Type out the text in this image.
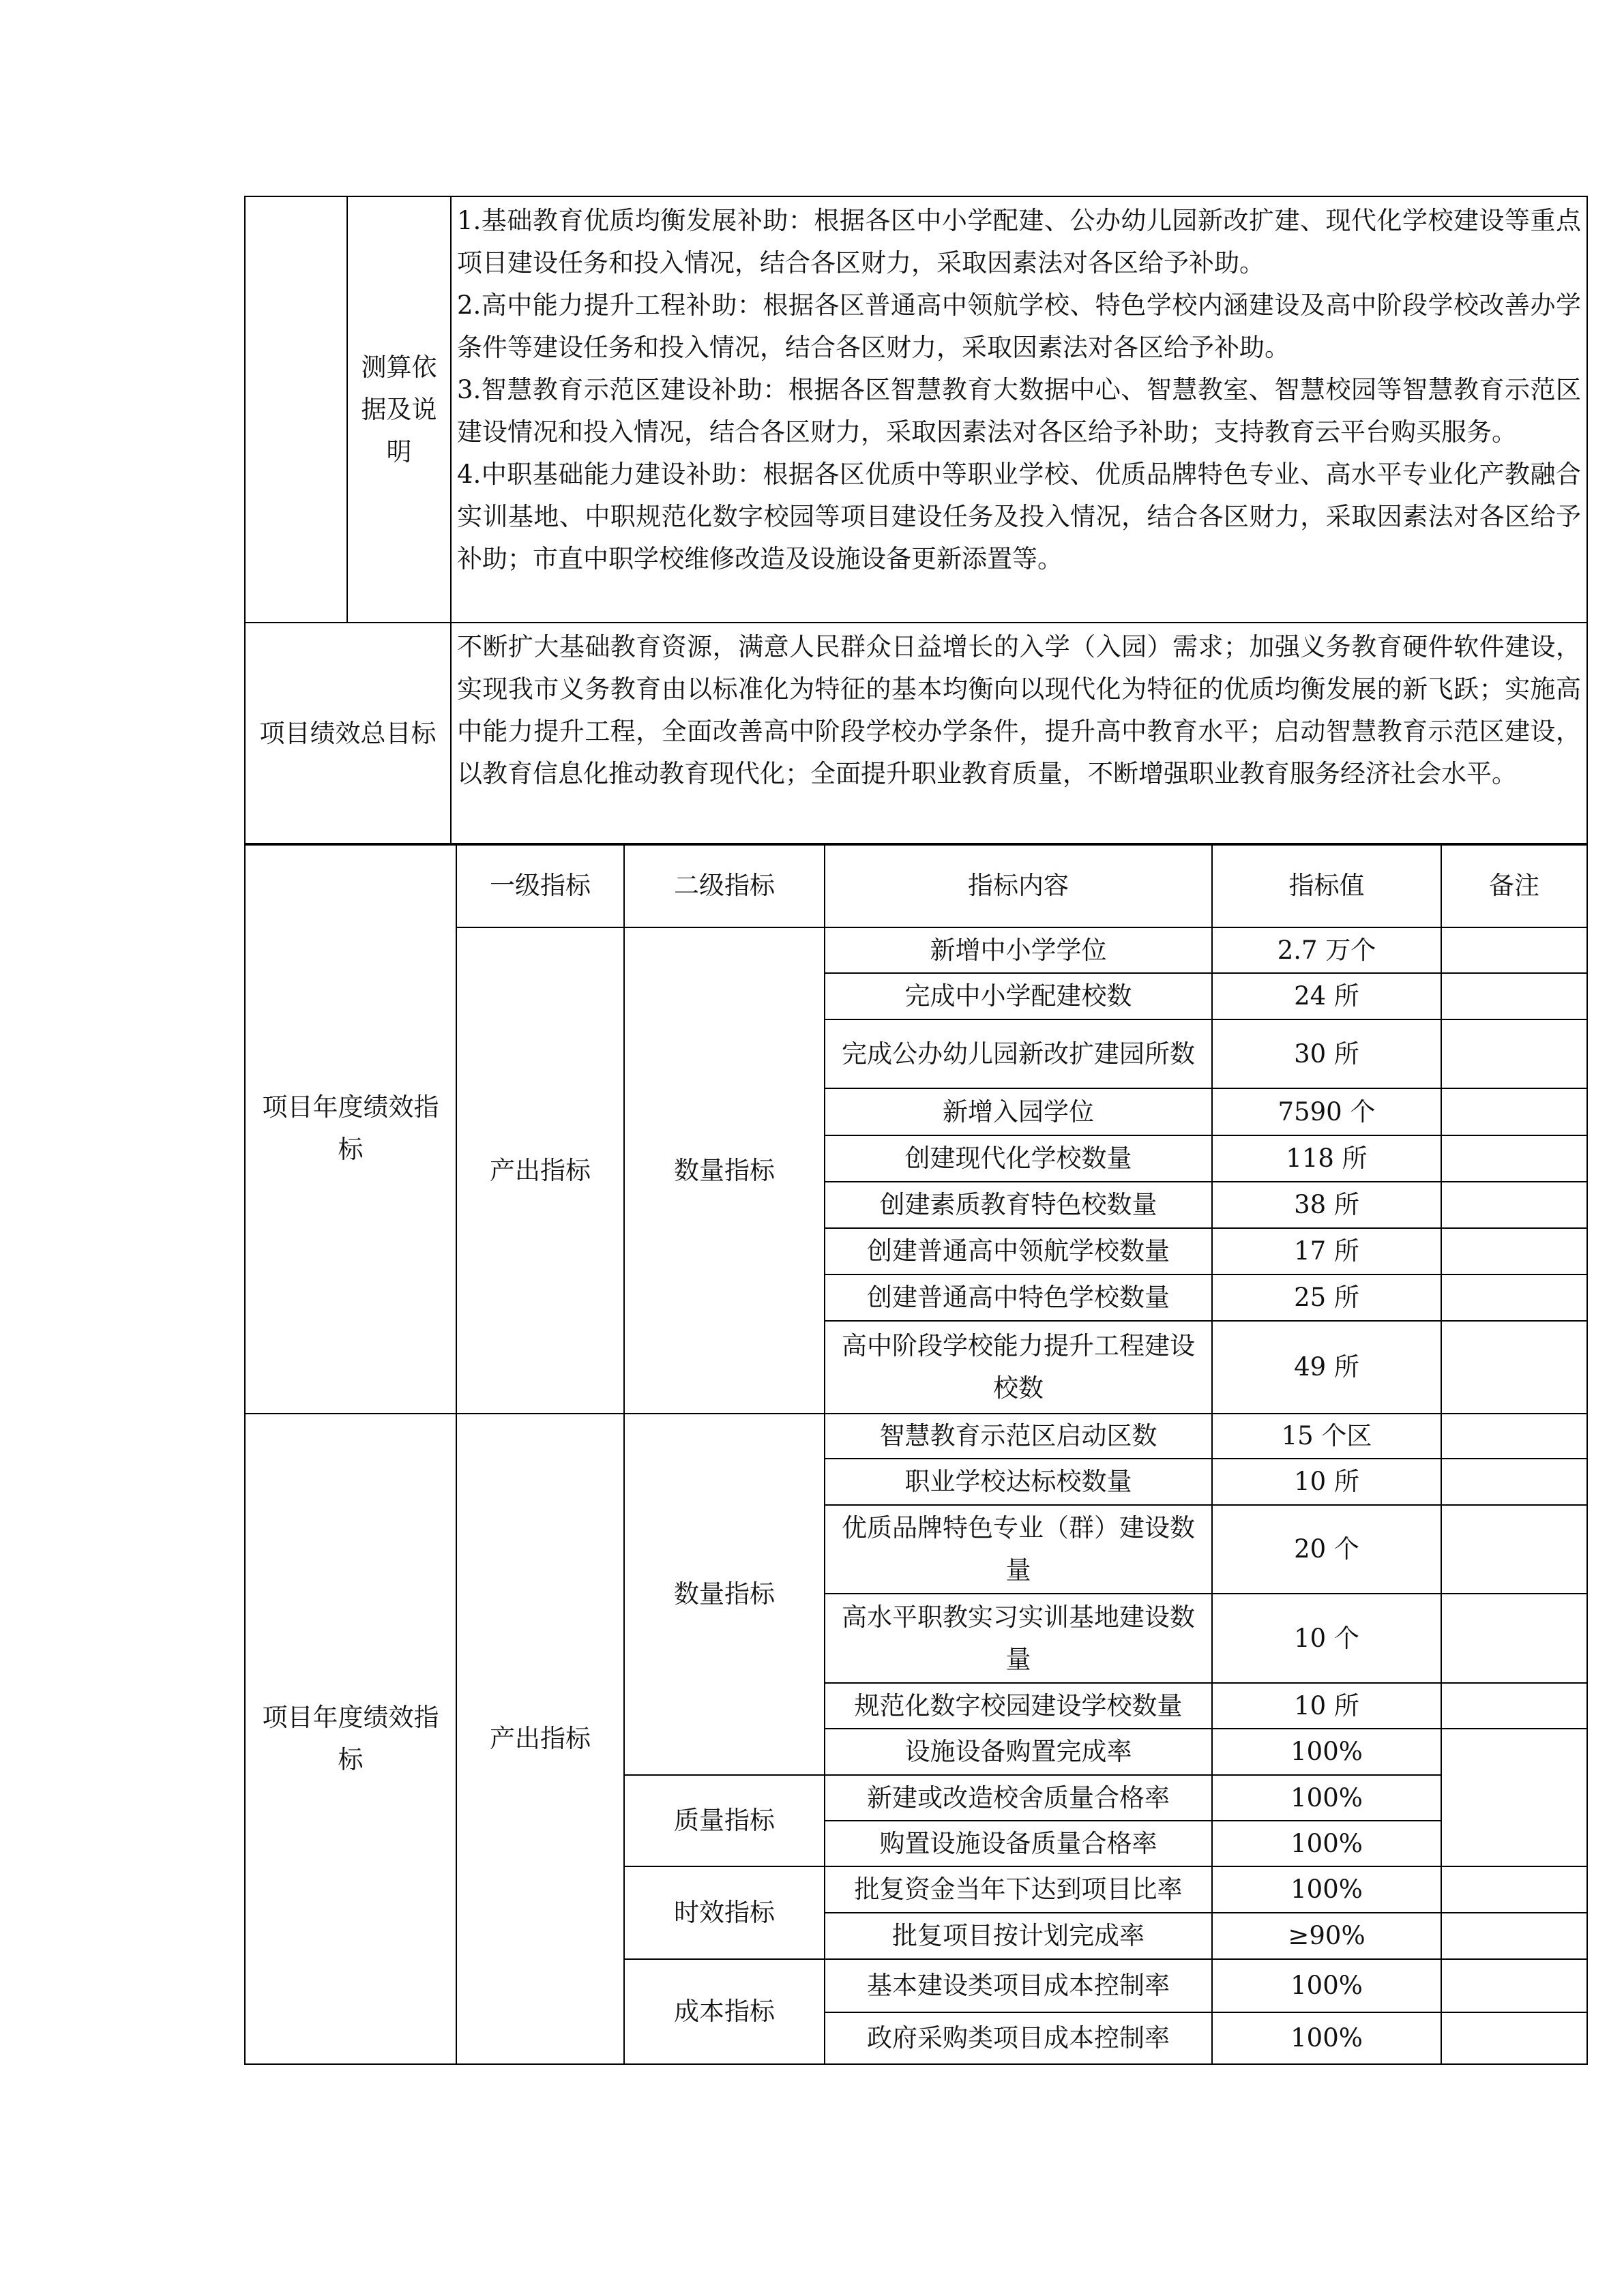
	测算依据及说明	1.基础教育优质均衡发展补助：根据各区中小学配建、公办幼儿园新改扩建、现代化学校建设等重点项目建设任务和投入情况，结合各区财力，采取因素法对各区给予补助。

2.高中能力提升工程补助：根据各区普通高中领航学校、特色学校内涵建设及高中阶段学校改善办学条件等建设任务和投入情况，结合各区财力，采取因素法对各区给予补助。

3.智慧教育示范区建设补助：根据各区智慧教育大数据中心、智慧教室、智慧校园等智慧教育示范区建设情况和投入情况，结合各区财力，采取因素法对各区给予补助；支持教育云平台购买服务。

4.中职基础能力建设补助：根据各区优质中等职业学校、优质品牌特色专业、高水平专业化产教融合实训基地、中职规范化数字校园等项目建设任务及投入情况，结合各区财力，采取因素法对各区给予补助；市直中职学校维修改造及设施设备更新添置等。

项目绩效总目标		不断扩大基础教育资源，满意人民群众日益增长的入学（入园）需求；加强义务教育硬件软件建设，实现我市义务教育由以标准化为特征的基本均衡向以现代化为特征的优质均衡发展的新飞跃；实施高中能力提升工程，全面改善高中阶段学校办学条件，提升高中教育水平；启动智慧教育示范区建设，以教育信息化推动教育现代化；全面提升职业教育质量，不断增强职业教育服务经济社会水平。

项目年度绩效指标	一级指标	二级指标	指标内容	指标值	备注
	产出指标	数量指标	新增中小学学位	2.7 万个	
			完成中小学配建校数	24 所	
			完成公办幼儿园新改扩建园所数	30 所	
			新增入园学位	7590 个	
			创建现代化学校数量	118 所	
			创建素质教育特色校数量	38 所	
			创建普通高中领航学校数量	17 所	
			创建普通高中特色学校数量	25 所	
			高中阶段学校能力提升工程建设校数	49 所	
项目年度绩效指标	产出指标	数量指标	智慧教育示范区启动区数	15 个区	
			职业学校达标校数量	10 所	
			优质品牌特色专业（群）建设数量	20 个	
			高水平职教实习实训基地建设数量	10 个	
			规范化数字校园建设学校数量	10 所	
			设施设备购置完成率	100%	
		质量指标	新建或改造校舍质量合格率	100%	
			购置设施设备质量合格率	100%	
		时效指标	批复资金当年下达到项目比率	100%	
			批复项目按计划完成率	≥90%	
		成本指标	基本建设类项目成本控制率	100%	
			政府采购类项目成本控制率	100%	
